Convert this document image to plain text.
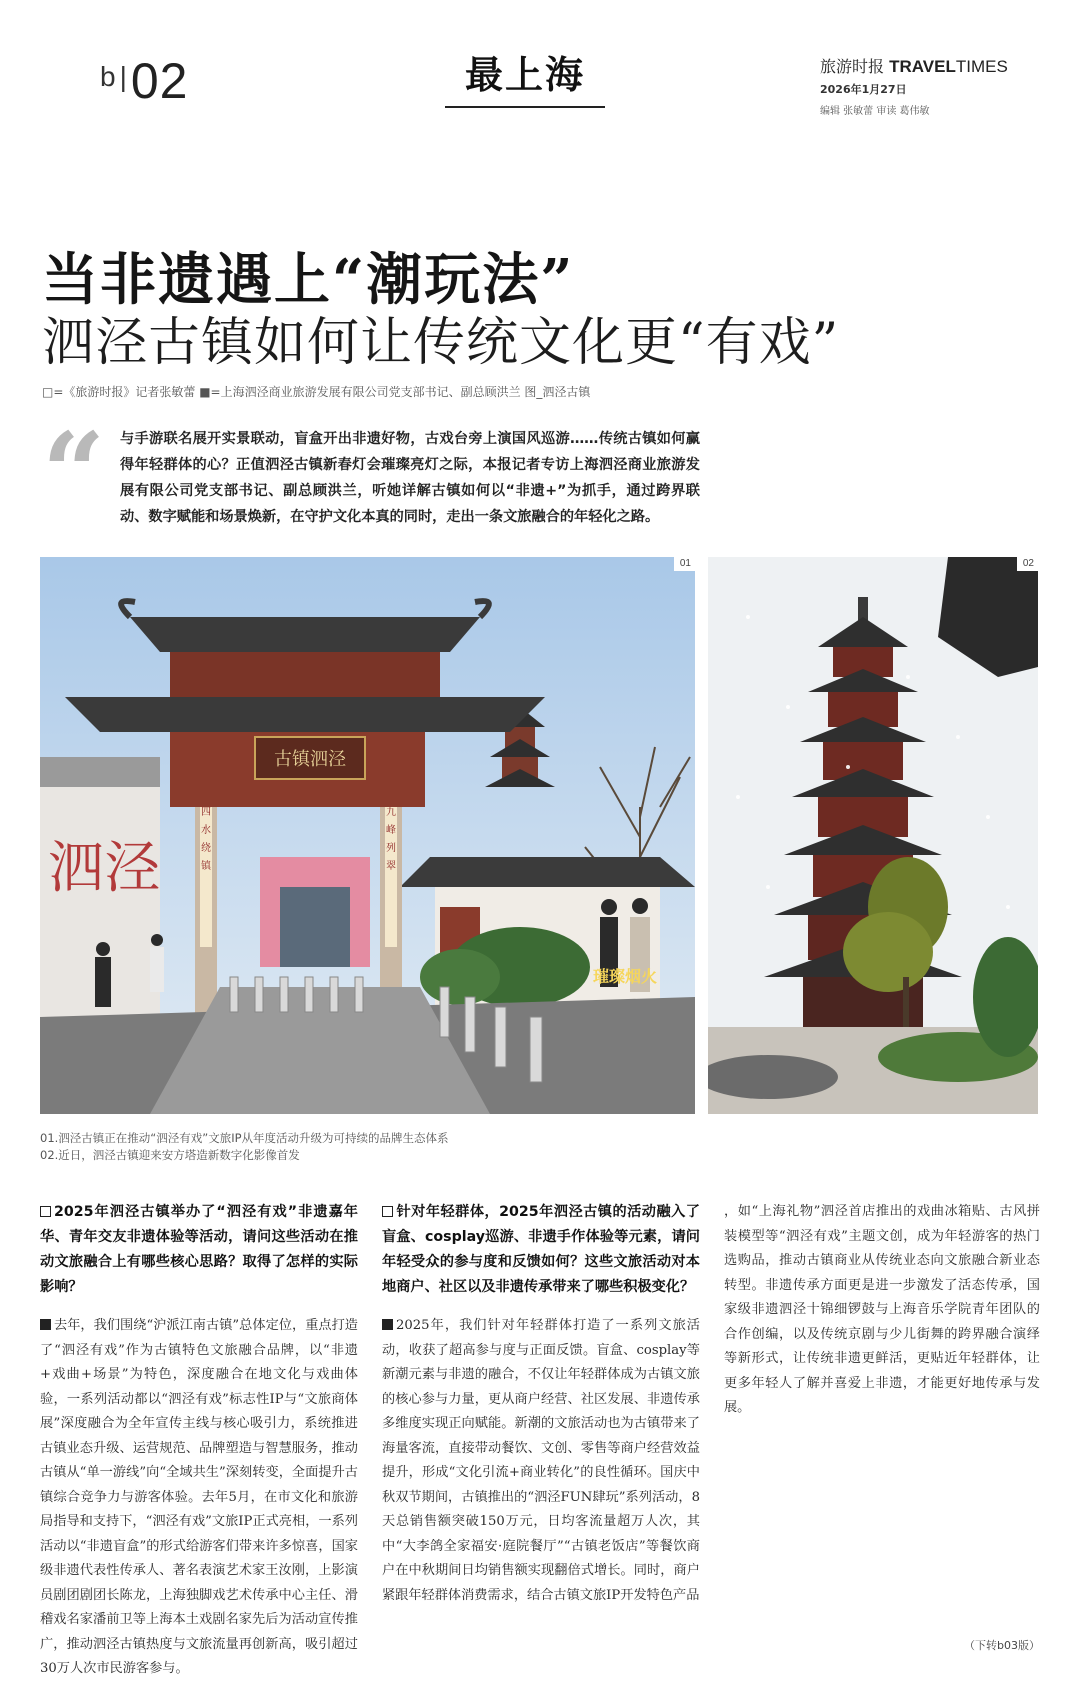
b|02	最上海	旅游时报 TRAVELTIMES
2026年1月27日
编辑 张敏蕾 审读 葛伟敏
当非遗遇上“潮玩法”
泗泾古镇如何让传统文化更“有戏”
□=《旅游时报》记者张敏蕾 ■=上海泗泾商业旅游发展有限公司党支部书记、副总顾洪兰 图_泗泾古镇
“ 与手游联名展开实景联动，盲盒开出非遗好物，古戏台旁上演国风巡游……传统古镇如何赢得年轻群体的心？正值泗泾古镇新春灯会璀璨亮灯之际，本报记者专访上海泗泾商业旅游发展有限公司党支部书记、副总顾洪兰，听她详解古镇如何以“非遗+”为抓手，通过跨界联动、数字赋能和场景焕新，在守护文化本真的同时，走出一条文旅融合的年轻化之路。
泗泾
四水绕镇
九峰列翠
古镇泗泾
璀璨烟火
01	02
01.泗泾古镇正在推动“泗泾有戏”文旅IP从年度活动升级为可持续的品牌生态体系
02.近日，泗泾古镇迎来安方塔造新数字化影像首发

2025年泗泾古镇举办了“泗泾有戏”非遗嘉年华、青年交友非遗体验等活动，请问这些活动在推动文旅融合上有哪些核心思路？取得了怎样的实际影响？

去年，我们围绕“沪派江南古镇”总体定位，重点打造了“泗泾有戏”作为古镇特色文旅融合品牌，以“非遗+戏曲+场景”为特色，深度融合在地文化与戏曲体验，一系列活动都以“泗泾有戏”标志性IP与“文旅商体展”深度融合为全年宣传主线与核心吸引力，系统推进古镇业态升级、运营规范、品牌塑造与智慧服务，推动古镇从“单一游线”向“全域共生”深刻转变，全面提升古镇综合竞争力与游客体验。去年5月，在市文化和旅游局指导和支持下，“泗泾有戏”文旅IP正式亮相，一系列活动以“非遗盲盒”的形式给游客们带来许多惊喜，国家级非遗代表性传承人、著名表演艺术家王汝刚，上影演员剧团剧团长陈龙，上海独脚戏艺术传承中心主任、滑稽戏名家潘前卫等上海本土戏剧名家先后为活动宣传推广，推动泗泾古镇热度与文旅流量再创新高，吸引超过30万人次市民游客参与。

针对年轻群体，2025年泗泾古镇的活动融入了盲盒、cosplay巡游、非遗手作体验等元素，请问年轻受众的参与度和反馈如何？这些文旅活动对本地商户、社区以及非遗传承带来了哪些积极变化？

2025年，我们针对年轻群体打造了一系列文旅活动，收获了超高参与度与正面反馈。盲盒、cosplay等新潮元素与非遗的融合，不仅让年轻群体成为古镇文旅的核心参与力量，更从商户经营、社区发展、非遗传承多维度实现正向赋能。新潮的文旅活动也为古镇带来了海量客流，直接带动餐饮、文创、零售等商户经营效益提升，形成“文化引流+商业转化”的良性循环。国庆中秋双节期间，古镇推出的“泗泾FUN肆玩”系列活动，8天总销售额突破150万元，日均客流量超万人次，其中“大李鸽全家福安·庭院餐厅”“古镇老饭店”等餐饮商户在中秋期间日均销售额实现翻倍式增长。同时，商户紧跟年轻群体消费需求，结合古镇文旅IP开发特色产品

（下转b03版）

，如“上海礼物”泗泾首店推出的戏曲冰箱贴、古风拼装模型等“泗泾有戏”主题文创，成为年轻游客的热门选购品，推动古镇商业从传统业态向文旅融合新业态转型。非遗传承方面更是进一步激发了活态传承，国家级非遗泗泾十锦细锣鼓与上海音乐学院青年团队的合作创编，以及传统京剧与少儿街舞的跨界融合演绎等新形式，让传统非遗更鲜活，更贴近年轻群体，让更多年轻人了解并喜爱上非遗，才能更好地传承与发展。
